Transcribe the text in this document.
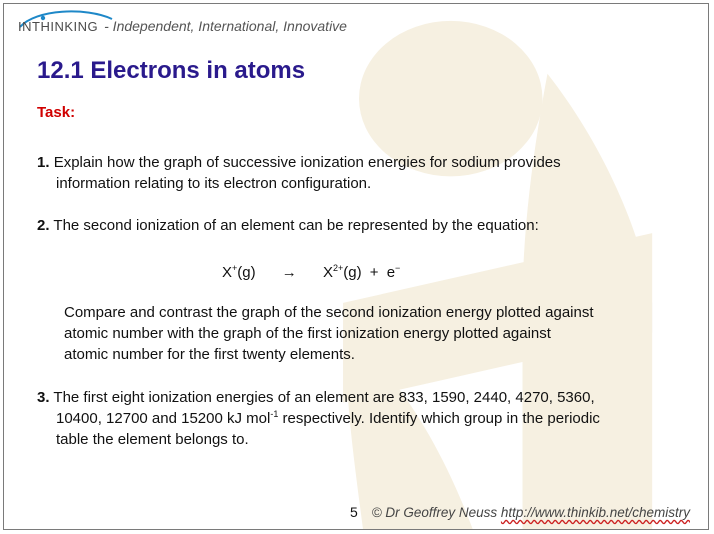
INTHINKING - Independent, International, Innovative
12.1 Electrons in atoms
Task:
1. Explain how the graph of successive ionization energies for sodium provides
information relating to its electron configuration.
2. The second ionization of an element can be represented by the equation:
$X^+(g) \to X^{2+}(g) + e^-$
Compare and contrast the graph of the second ionization energy plotted against
atomic number with the graph of the first ionization energy plotted against
atomic number for the first twenty elements.
3. The first eight ionization energies of an element are 833, 1590, 2440, 4270, 5360,
10400, 12700 and 15200 kJ mol$^{-1}$ respectively. Identify which group in the periodic
table the element belongs to.
5 © Dr Geoffrey Neuss http://www.thinkib.net/chemistry
